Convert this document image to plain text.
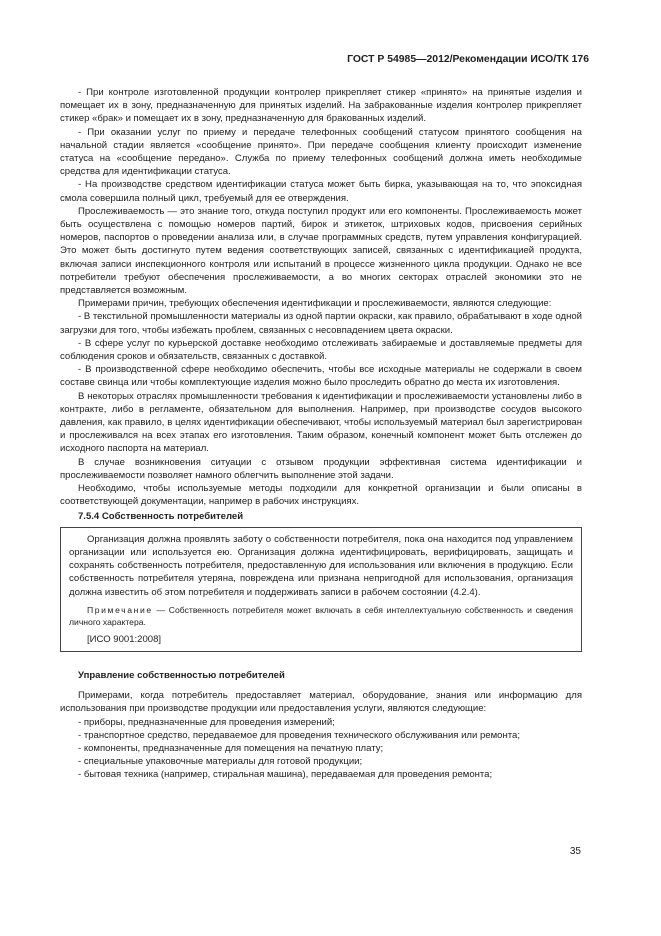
ГОСТ Р 54985—2012/Рекомендации ИСО/ТК 176

- При контроле изготовленной продукции контролер прикрепляет стикер «принято» на принятые изделия и помещает их в зону, предназначенную для принятых изделий. На забракованные изделия контролер прикрепляет стикер «брак» и помещает их в зону, предназначенную для бракованных изделий.

- При оказании услуг по приему и передаче телефонных сообщений статусом принятого сообщения на начальной стадии является «сообщение принято». При передаче сообщения клиенту происходит изменение статуса на «сообщение передано». Служба по приему телефонных сообщений должна иметь необходимые средства для идентификации статуса.

- На производстве средством идентификации статуса может быть бирка, указывающая на то, что эпоксидная смола совершила полный цикл, требуемый для ее отверждения.

Прослеживаемость — это знание того, откуда поступил продукт или его компоненты. Прослеживаемость может быть осуществлена с помощью номеров партий, бирок и этикеток, штриховых кодов, присвоения серийных номеров, паспортов о проведении анализа или, в случае программных средств, путем управления конфигурацией. Это может быть достигнуто путем ведения соответствующих записей, связанных с идентификацией продукта, включая записи инспекционного контроля или испытаний в процессе жизненного цикла продукции. Однако не все потребители требуют обеспечения прослеживаемости, а во многих секторах отраслей экономики это не представляется возможным.

Примерами причин, требующих обеспечения идентификации и прослеживаемости, являются следующие:

- В текстильной промышленности материалы из одной партии окраски, как правило, обрабатывают в ходе одной загрузки для того, чтобы избежать проблем, связанных с несовпадением цвета окраски.

- В сфере услуг по курьерской доставке необходимо отслеживать забираемые и доставляемые предметы для соблюдения сроков и обязательств, связанных с доставкой.

- В производственной сфере необходимо обеспечить, чтобы все исходные материалы не содержали в своем составе свинца или чтобы комплектующие изделия можно было проследить обратно до места их изготовления.

В некоторых отраслях промышленности требования к идентификации и прослеживаемости установлены либо в контракте, либо в регламенте, обязательном для выполнения. Например, при производстве сосудов высокого давления, как правило, в целях идентификации обеспечивают, чтобы используемый материал был зарегистрирован и прослеживался на всех этапах его изготовления. Таким образом, конечный компонент может быть отслежен до исходного паспорта на материал.

В случае возникновения ситуации с отзывом продукции эффективная система идентификации и прослеживаемости позволяет намного облегчить выполнение этой задачи.

Необходимо, чтобы используемые методы подходили для конкретной организации и были описаны в соответствующей документации, например в рабочих инструкциях.

7.5.4 Собственность потребителей

Организация должна проявлять заботу о собственности потребителя, пока она находится под управлением организации или используется ею. Организация должна идентифицировать, верифицировать, защищать и сохранять собственность потребителя, предоставленную для использования или включения в продукцию. Если собственность потребителя утеряна, повреждена или признана непригодной для использования, организация должна известить об этом потребителя и поддерживать записи в рабочем состоянии (4.2.4).

Примечание — Собственность потребителя может включать в себя интеллектуальную собственность и сведения личного характера.
[ИСО 9001:2008]
Управление собственностью потребителей

Примерами, когда потребитель предоставляет материал, оборудование, знания или информацию для использования при производстве продукции или предоставления услуги, являются следующие:

- приборы, предназначенные для проведения измерений;
- транспортное средство, передаваемое для проведения технического обслуживания или ремонта;
- компоненты, предназначенные для помещения на печатную плату;
- специальные упаковочные материалы для готовой продукции;
- бытовая техника (например, стиральная машина), передаваемая для проведения ремонта;
35
